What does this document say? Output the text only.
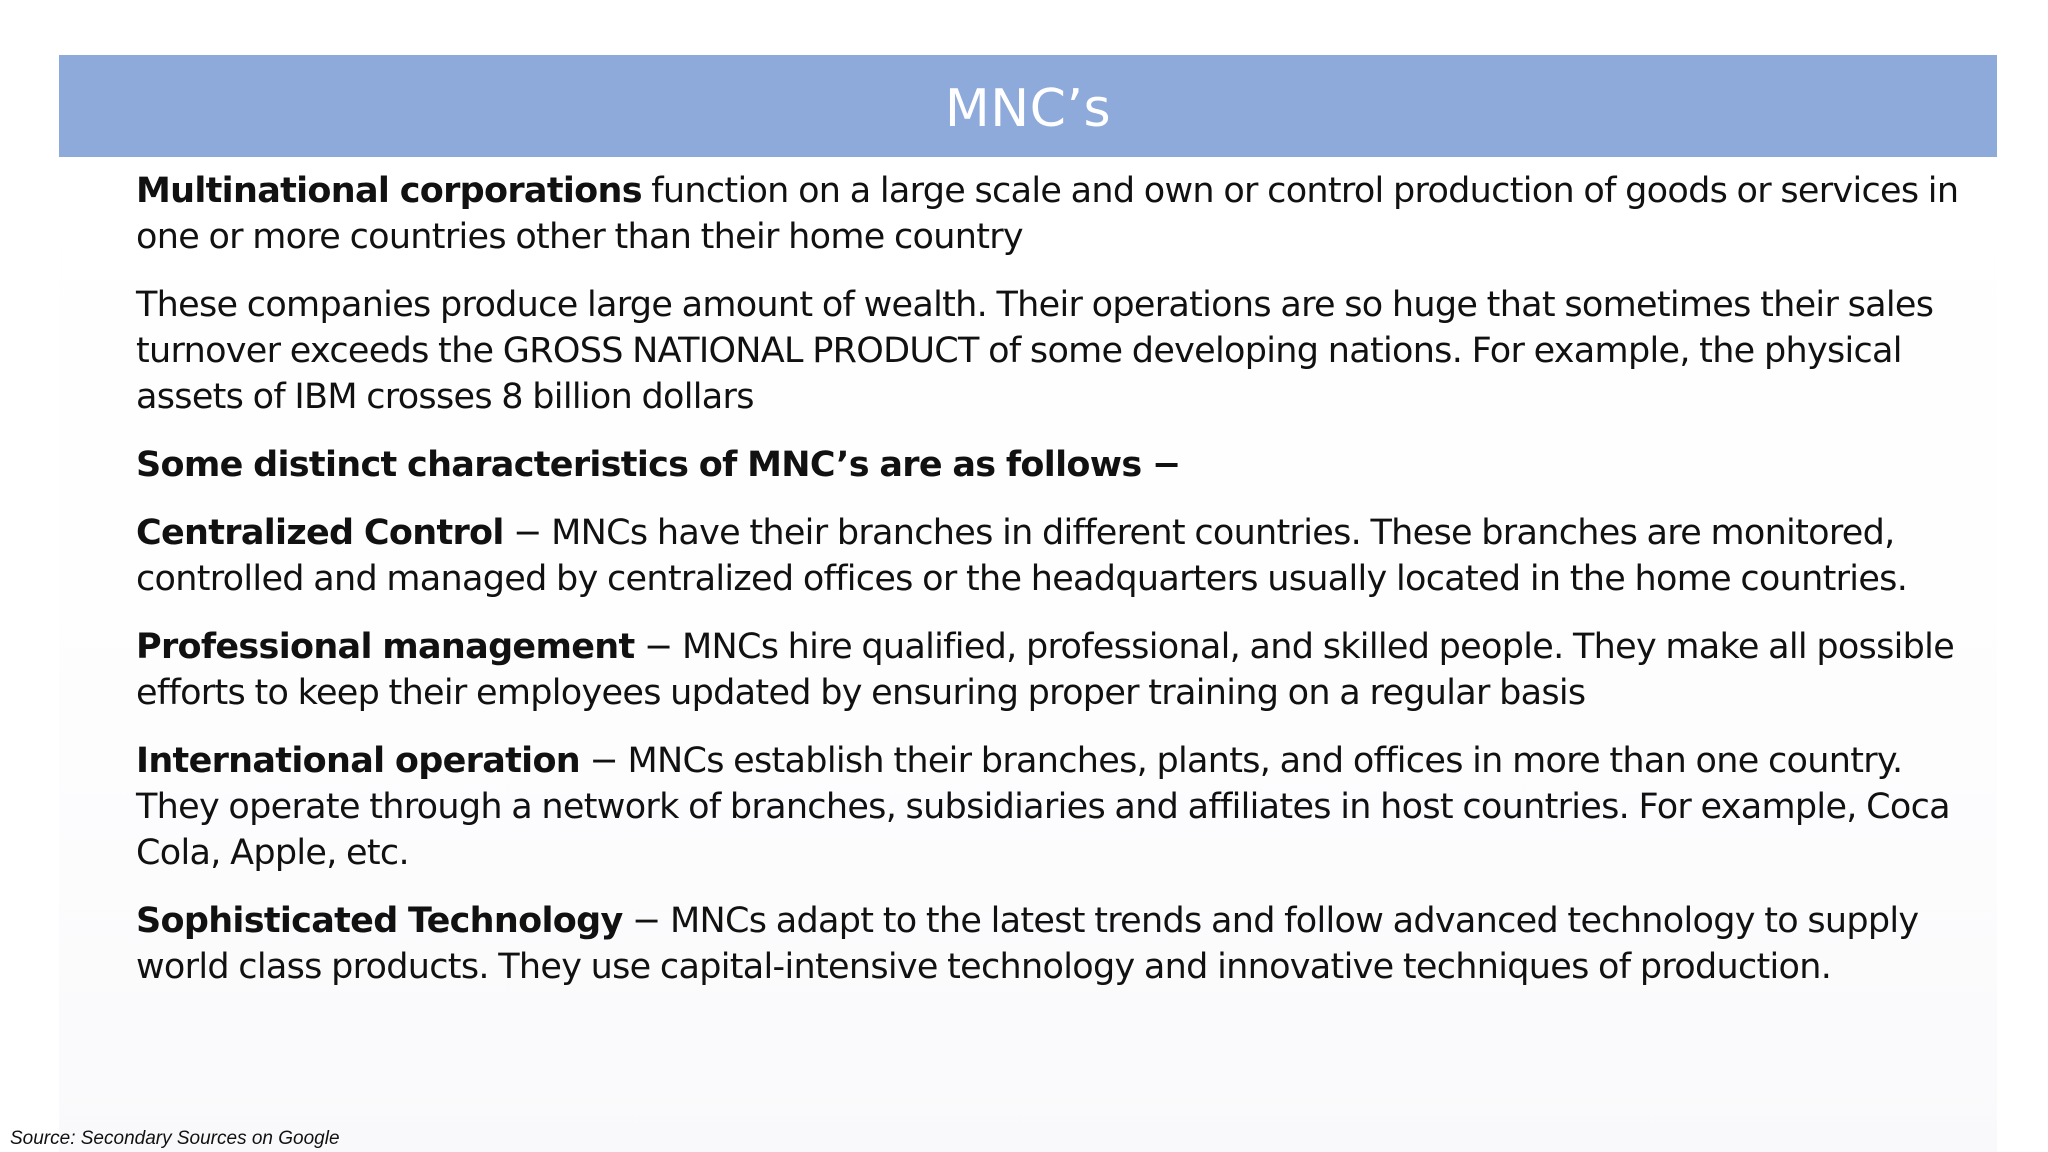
MNC’s

Multinational corporations function on a large scale and own or control production of goods or services in one or more countries other than their home country

These companies produce large amount of wealth. Their operations are so huge that sometimes their sales turnover exceeds the GROSS NATIONAL PRODUCT of some developing nations. For example, the physical assets of IBM crosses 8 billion dollars

Some distinct characteristics of MNC’s are as follows −

Centralized Control − MNCs have their branches in different countries. These branches are monitored, controlled and managed by centralized offices or the headquarters usually located in the home countries.

Professional management − MNCs hire qualified, professional, and skilled people. They make all possible efforts to keep their employees updated by ensuring proper training on a regular basis

International operation − MNCs establish their branches, plants, and offices in more than one country. They operate through a network of branches, subsidiaries and affiliates in host countries. For example, Coca Cola, Apple, etc.

Sophisticated Technology − MNCs adapt to the latest trends and follow advanced technology to supply world class products. They use capital-intensive technology and innovative techniques of production.

Source: Secondary Sources on Google
